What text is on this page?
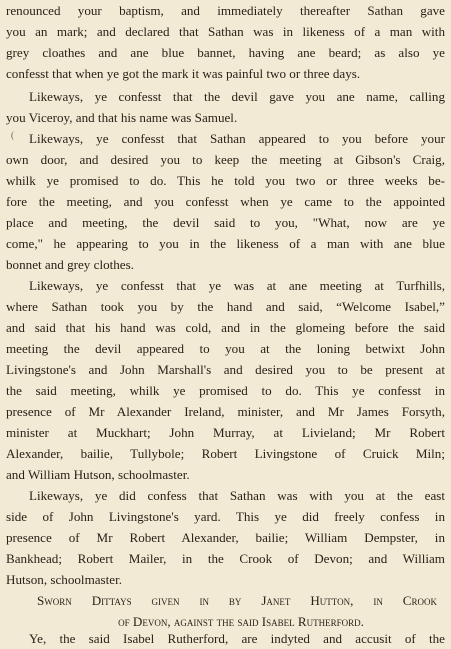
(
renounced your baptism, and immediately thereafter Sathan gave
you an mark; and declared that Sathan was in likeness of a man with
grey cloathes and ane blue bannet, having ane beard; as also ye
confesst that when ye got the mark it was painful two or three days.
Likeways, ye confesst that the devil gave you ane name, calling
you Viceroy, and that his name was Samuel.
Likeways, ye confesst that Sathan appeared to you before your
own door, and desired you to keep the meeting at Gibson's Craig,
whilk ye promised to do. This he told you two or three weeks be-
fore the meeting, and you confesst when ye came to the appointed
place and meeting, the devil said to you, "What, now are ye
come," he appearing to you in the likeness of a man with ane blue
bonnet and grey clothes.
Likeways, ye confesst that ye was at ane meeting at Turfhills,
where Sathan took you by the hand and said, “Welcome Isabel,”
and said that his hand was cold, and in the glomeing before the said
meeting the devil appeared to you at the loning betwixt John
Livingstone's and John Marshall's and desired you to be present at
the said meeting, whilk ye promised to do. This ye confesst in
presence of Mr Alexander Ireland, minister, and Mr James Forsyth,
minister at Muckhart; John Murray, at Livieland; Mr Robert
Alexander, bailie, Tullybole; Robert Livingstone of Cruick Miln;
and William Hutson, schoolmaster.
Likeways, ye did confess that Sathan was with you at the east
side of John Livingstone's yard. This ye did freely confess in
presence of Mr Robert Alexander, bailie; William Dempster, in
Bankhead; Robert Mailer, in the Crook of Devon; and William
Hutson, schoolmaster.
Sworn Dittays given in by Janet Hutton, in Crook
of Devon, against the said Isabel Rutherford.
Ye, the said Isabel Rutherford, are indyted and accusit of the
